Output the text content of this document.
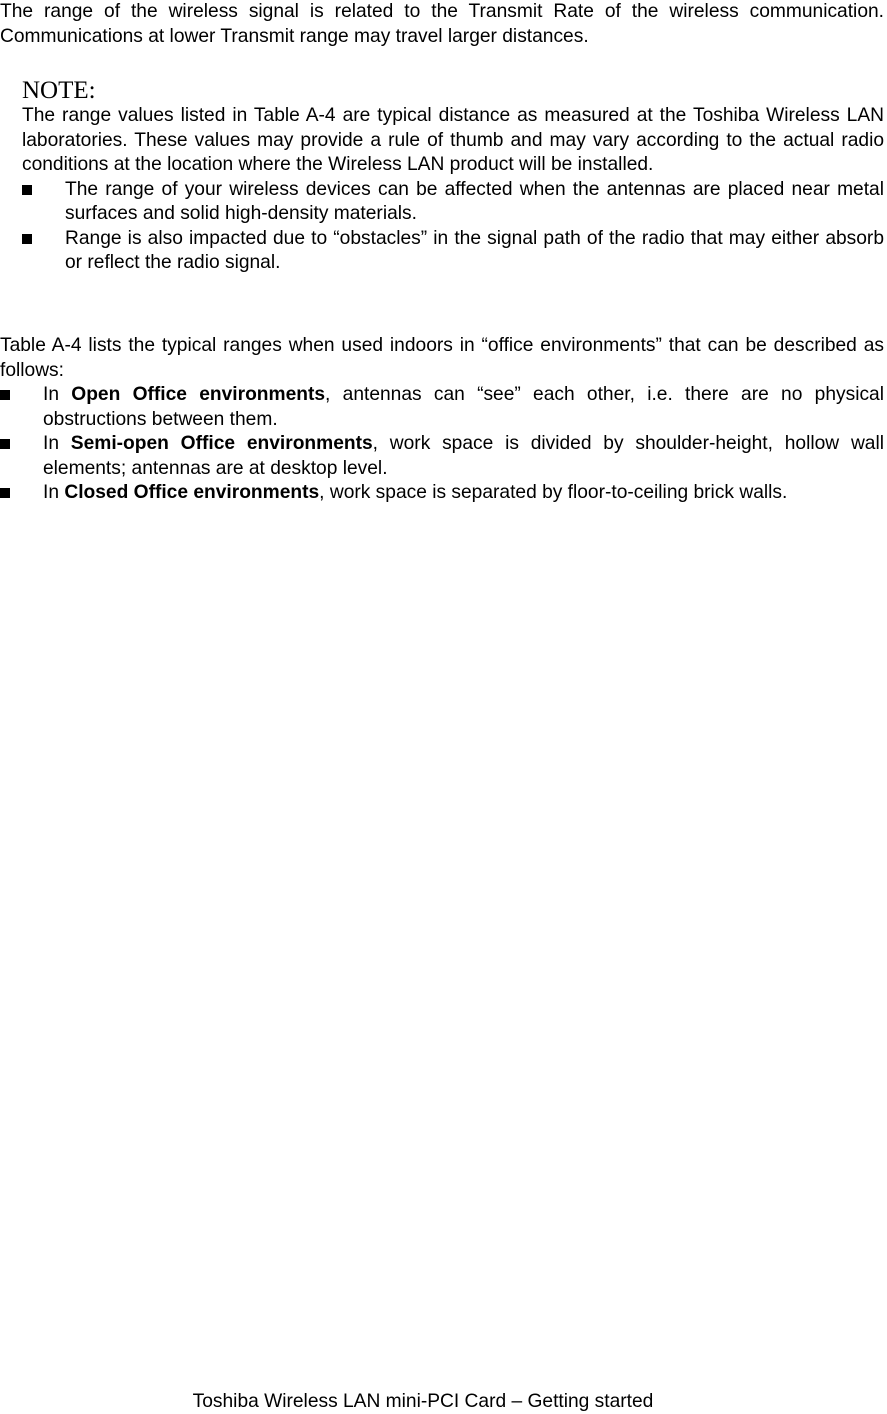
The range of the wireless signal is related to the Transmit Rate of the wireless communication. Communications at lower Transmit range may travel larger distances.

NOTE:

The range values listed in Table A-4 are typical distance as measured at the Toshiba Wireless LAN laboratories. These values may provide a rule of thumb and may vary according to the actual radio conditions at the location where the Wireless LAN product will be installed.

The range of your wireless devices can be affected when the antennas are placed near metal surfaces and solid high-density materials.
Range is also impacted due to “obstacles” in the signal path of the radio that may either absorb or reflect the radio signal.

Table A-4 lists the typical ranges when used indoors in “office environments” that can be described as follows:

In Open Office environments, antennas can “see” each other, i.e. there are no physical obstructions between them.
In Semi-open Office environments, work space is divided by shoulder-height, hollow wall elements; antennas are at desktop level.
In Closed Office environments, work space is separated by floor-to-ceiling brick walls.
Toshiba Wireless LAN mini-PCI Card – Getting started
